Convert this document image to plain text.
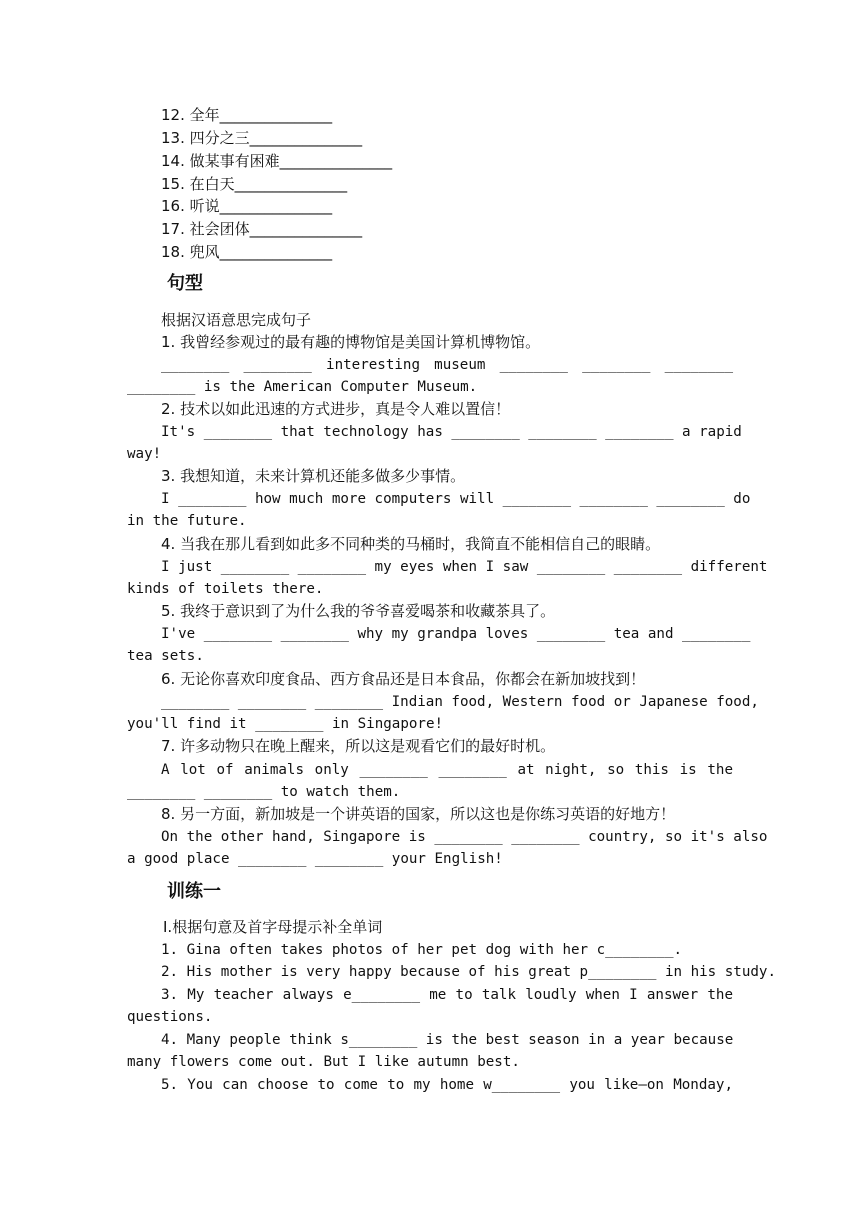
12. 全年_______________
13. 四分之三_______________
14. 做某事有困难_______________
15. 在白天_______________
16. 听说_______________
17. 社会团体_______________
18. 兜风_______________
句型
根据汉语意思完成句子
1. 我曾经参观过的最有趣的博物馆是美国计算机博物馆。
________ ________ interesting museum ________ ________ ________
________ is the American Computer Museum.
2. 技术以如此迅速的方式进步，真是令人难以置信！
It's ________ that technology has ________ ________ ________ a rapid
way!
3. 我想知道，未来计算机还能多做多少事情。
I ________ how much more computers will ________ ________ ________ do
in the future.
4. 当我在那儿看到如此多不同种类的马桶时，我简直不能相信自己的眼睛。
I just ________ ________ my eyes when I saw ________ ________ different
kinds of toilets there.
5. 我终于意识到了为什么我的爷爷喜爱喝茶和收藏茶具了。
I've ________ ________ why my grandpa loves ________ tea and ________
tea sets.
6. 无论你喜欢印度食品、西方食品还是日本食品，你都会在新加坡找到！
________ ________ ________ Indian food, Western food or Japanese food,
you'll find it ________ in Singapore!
7. 许多动物只在晚上醒来，所以这是观看它们的最好时机。
A lot of animals only ________ ________ at night, so this is the
________ ________ to watch them.
8. 另一方面，新加坡是一个讲英语的国家，所以这也是你练习英语的好地方！
On the other hand, Singapore is ________ ________ country, so it's also
a good place ________ ________ your English!
训练一
Ⅰ.根据句意及首字母提示补全单词
1. Gina often takes photos of her pet dog with her c________.
2. His mother is very happy because of his great p________ in his study.
3. My teacher always e________ me to talk loudly when I answer the
questions.
4. Many people think s________ is the best season in a year because
many flowers come out. But I like autumn best.
5. You can choose to come to my home w________ you like—on Monday,
